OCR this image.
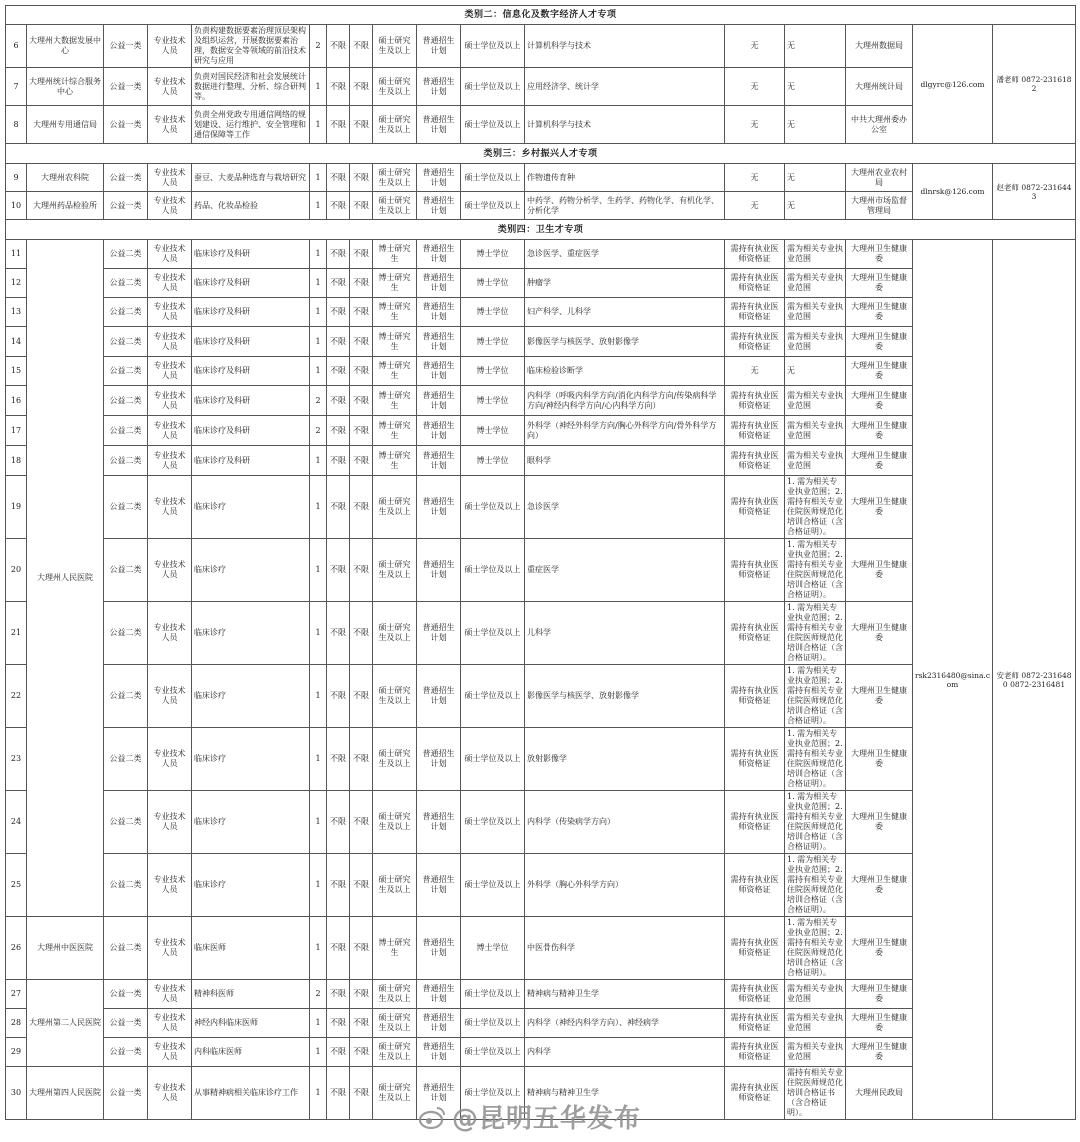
类别二：信息化及数字经济人才专项																
6	大理州大数据发展中心	公益一类	专业技术人员	负责构建数据要素治理顶层架构及组织运营，开展数据要素治理，数据安全等领域的前沿技术研究与应用	2	不限	不限	硕士研究生及以上	普通招生计划	硕士学位及以上	计算机科学与技术	无	无	大理州数据局	dlgyrc@126.com	潘老师 0872-2316182
7	大理州统计综合服务中心	公益一类	专业技术人员	负责对国民经济和社会发展统计数据进行整理、分析、综合研判等。	1	不限	不限	硕士研究生及以上	普通招生计划	硕士学位及以上	应用经济学、统计学	无	无	大理州统计局		
8	大理州专用通信局	公益一类	专业技术人员	负责全州党政专用通信网络的规划建设、运行维护、安全管理和通信保障等工作	1	不限	不限	硕士研究生及以上	普通招生计划	硕士学位及以上	计算机科学与技术	无	无	中共大理州委办公室		
类别三：乡村振兴人才专项																
9	大理州农科院	公益一类	专业技术人员	蚕豆、大麦品种选育与栽培研究	1	不限	不限	硕士研究生及以上	普通招生计划	硕士学位及以上	作物遗传育种	无	无	大理州农业农村局	dlnrsk@126.com	赵老师 0872-2316443
10	大理州药品检验所	公益一类	专业技术人员	药品、化妆品检验	1	不限	不限	硕士研究生及以上	普通招生计划	硕士学位及以上	中药学、药物分析学、生药学、药物化学、有机化学、分析化学	无	无	大理州市场监督管理局		
类别四：卫生才专项																
11	大理州人民医院	公益二类	专业技术人员	临床诊疗及科研	1	不限	不限	博士研究生	普通招生计划	博士学位	急诊医学、重症医学	需持有执业医师资格证	需为相关专业执业范围	大理州卫生健康委	rsk2316480@sina.com	安老师 0872-2316480 0872-2316481
12		公益二类	专业技术人员	临床诊疗及科研	1	不限	不限	博士研究生	普通招生计划	博士学位	肿瘤学	需持有执业医师资格证	需为相关专业执业范围	大理州卫生健康委		
13		公益二类	专业技术人员	临床诊疗及科研	1	不限	不限	博士研究生	普通招生计划	博士学位	妇产科学、儿科学	需持有执业医师资格证	需为相关专业执业范围	大理州卫生健康委		
14		公益二类	专业技术人员	临床诊疗及科研	1	不限	不限	博士研究生	普通招生计划	博士学位	影像医学与核医学、放射影像学	需持有执业医师资格证	需为相关专业执业范围	大理州卫生健康委		
15		公益二类	专业技术人员	临床诊疗及科研	1	不限	不限	博士研究生	普通招生计划	博士学位	临床检验诊断学	无	无	大理州卫生健康委		
16		公益二类	专业技术人员	临床诊疗及科研	2	不限	不限	博士研究生	普通招生计划	博士学位	内科学（呼吸内科学方向/消化内科学方向/传染病科学方向/神经内科学方向/心内科学方向）	需持有执业医师资格证	需为相关专业执业范围	大理州卫生健康委		
17		公益二类	专业技术人员	临床诊疗及科研	2	不限	不限	博士研究生	普通招生计划	博士学位	外科学（神经外科学方向/胸心外科学方向/骨外科学方向）	需持有执业医师资格证	需为相关专业执业范围	大理州卫生健康委		
18		公益二类	专业技术人员	临床诊疗及科研	1	不限	不限	博士研究生	普通招生计划	博士学位	眼科学	需持有执业医师资格证	需为相关专业执业范围	大理州卫生健康委		
19		公益二类	专业技术人员	临床诊疗	1	不限	不限	硕士研究生及以上	普通招生计划	硕士学位及以上	急诊医学	需持有执业医师资格证	1. 需为相关专业执业范围；2. 需持有相关专业住院医师规范化培训合格证（含合格证明）。	大理州卫生健康委		
20		公益二类	专业技术人员	临床诊疗	1	不限	不限	硕士研究生及以上	普通招生计划	硕士学位及以上	重症医学	需持有执业医师资格证	1. 需为相关专业执业范围；2. 需持有相关专业住院医师规范化培训合格证（含合格证明）。	大理州卫生健康委		
21		公益二类	专业技术人员	临床诊疗	1	不限	不限	硕士研究生及以上	普通招生计划	硕士学位及以上	儿科学	需持有执业医师资格证	1. 需为相关专业执业范围；2. 需持有相关专业住院医师规范化培训合格证（含合格证明）。	大理州卫生健康委		
22		公益二类	专业技术人员	临床诊疗	1	不限	不限	硕士研究生及以上	普通招生计划	硕士学位及以上	影像医学与核医学、放射影像学	需持有执业医师资格证	1. 需为相关专业执业范围；2. 需持有相关专业住院医师规范化培训合格证（含合格证明）。	大理州卫生健康委		
23		公益二类	专业技术人员	临床诊疗	1	不限	不限	硕士研究生及以上	普通招生计划	硕士学位及以上	放射影像学	需持有执业医师资格证	1. 需为相关专业执业范围；2. 需持有相关专业住院医师规范化培训合格证（含合格证明）。	大理州卫生健康委		
24		公益二类	专业技术人员	临床诊疗	1	不限	不限	硕士研究生及以上	普通招生计划	硕士学位及以上	内科学（传染病学方向）	需持有执业医师资格证	1. 需为相关专业执业范围；2. 需持有相关专业住院医师规范化培训合格证（含合格证明）。	大理州卫生健康委		
25		公益二类	专业技术人员	临床诊疗	1	不限	不限	硕士研究生及以上	普通招生计划	硕士学位及以上	外科学（胸心外科学方向）	需持有执业医师资格证	1. 需为相关专业执业范围；2. 需持有相关专业住院医师规范化培训合格证（含合格证明）。	大理州卫生健康委		
26	大理州中医医院	公益二类	专业技术人员	临床医师	1	不限	不限	博士研究生	普通招生计划	博士学位	中医骨伤科学	需持有执业医师资格证	1. 需为相关专业执业范围；2. 需持有相关专业住院医师规范化培训合格证（含合格证明）。	大理州卫生健康委		
27	大理州第二人民医院	公益一类	专业技术人员	精神科医师	2	不限	不限	硕士研究生及以上	普通招生计划	硕士学位及以上	精神病与精神卫生学	需持有执业医师资格证	需为相关专业执业范围	大理州卫生健康委		
28		公益一类	专业技术人员	神经内科临床医师	1	不限	不限	硕士研究生及以上	普通招生计划	硕士学位及以上	内科学（神经内科学方向）、神经病学	需持有执业医师资格证	需为相关专业执业范围	大理州卫生健康委		
29		公益一类	专业技术人员	内科临床医师	1	不限	不限	硕士研究生及以上	普通招生计划	硕士学位及以上	内科学	需持有执业医师资格证	需为相关专业执业范围	大理州卫生健康委		
30	大理州第四人民医院	公益一类	专业技术人员	从事精神病相关临床诊疗工作	1	不限	不限	硕士研究生及以上	普通招生计划	硕士学位及以上	精神病与精神卫生学	需持有执业医师资格证	需持有相关专业住院医师规范化培训合格证书（含合格证明）。	大理州民政局		
@昆明五华发布
